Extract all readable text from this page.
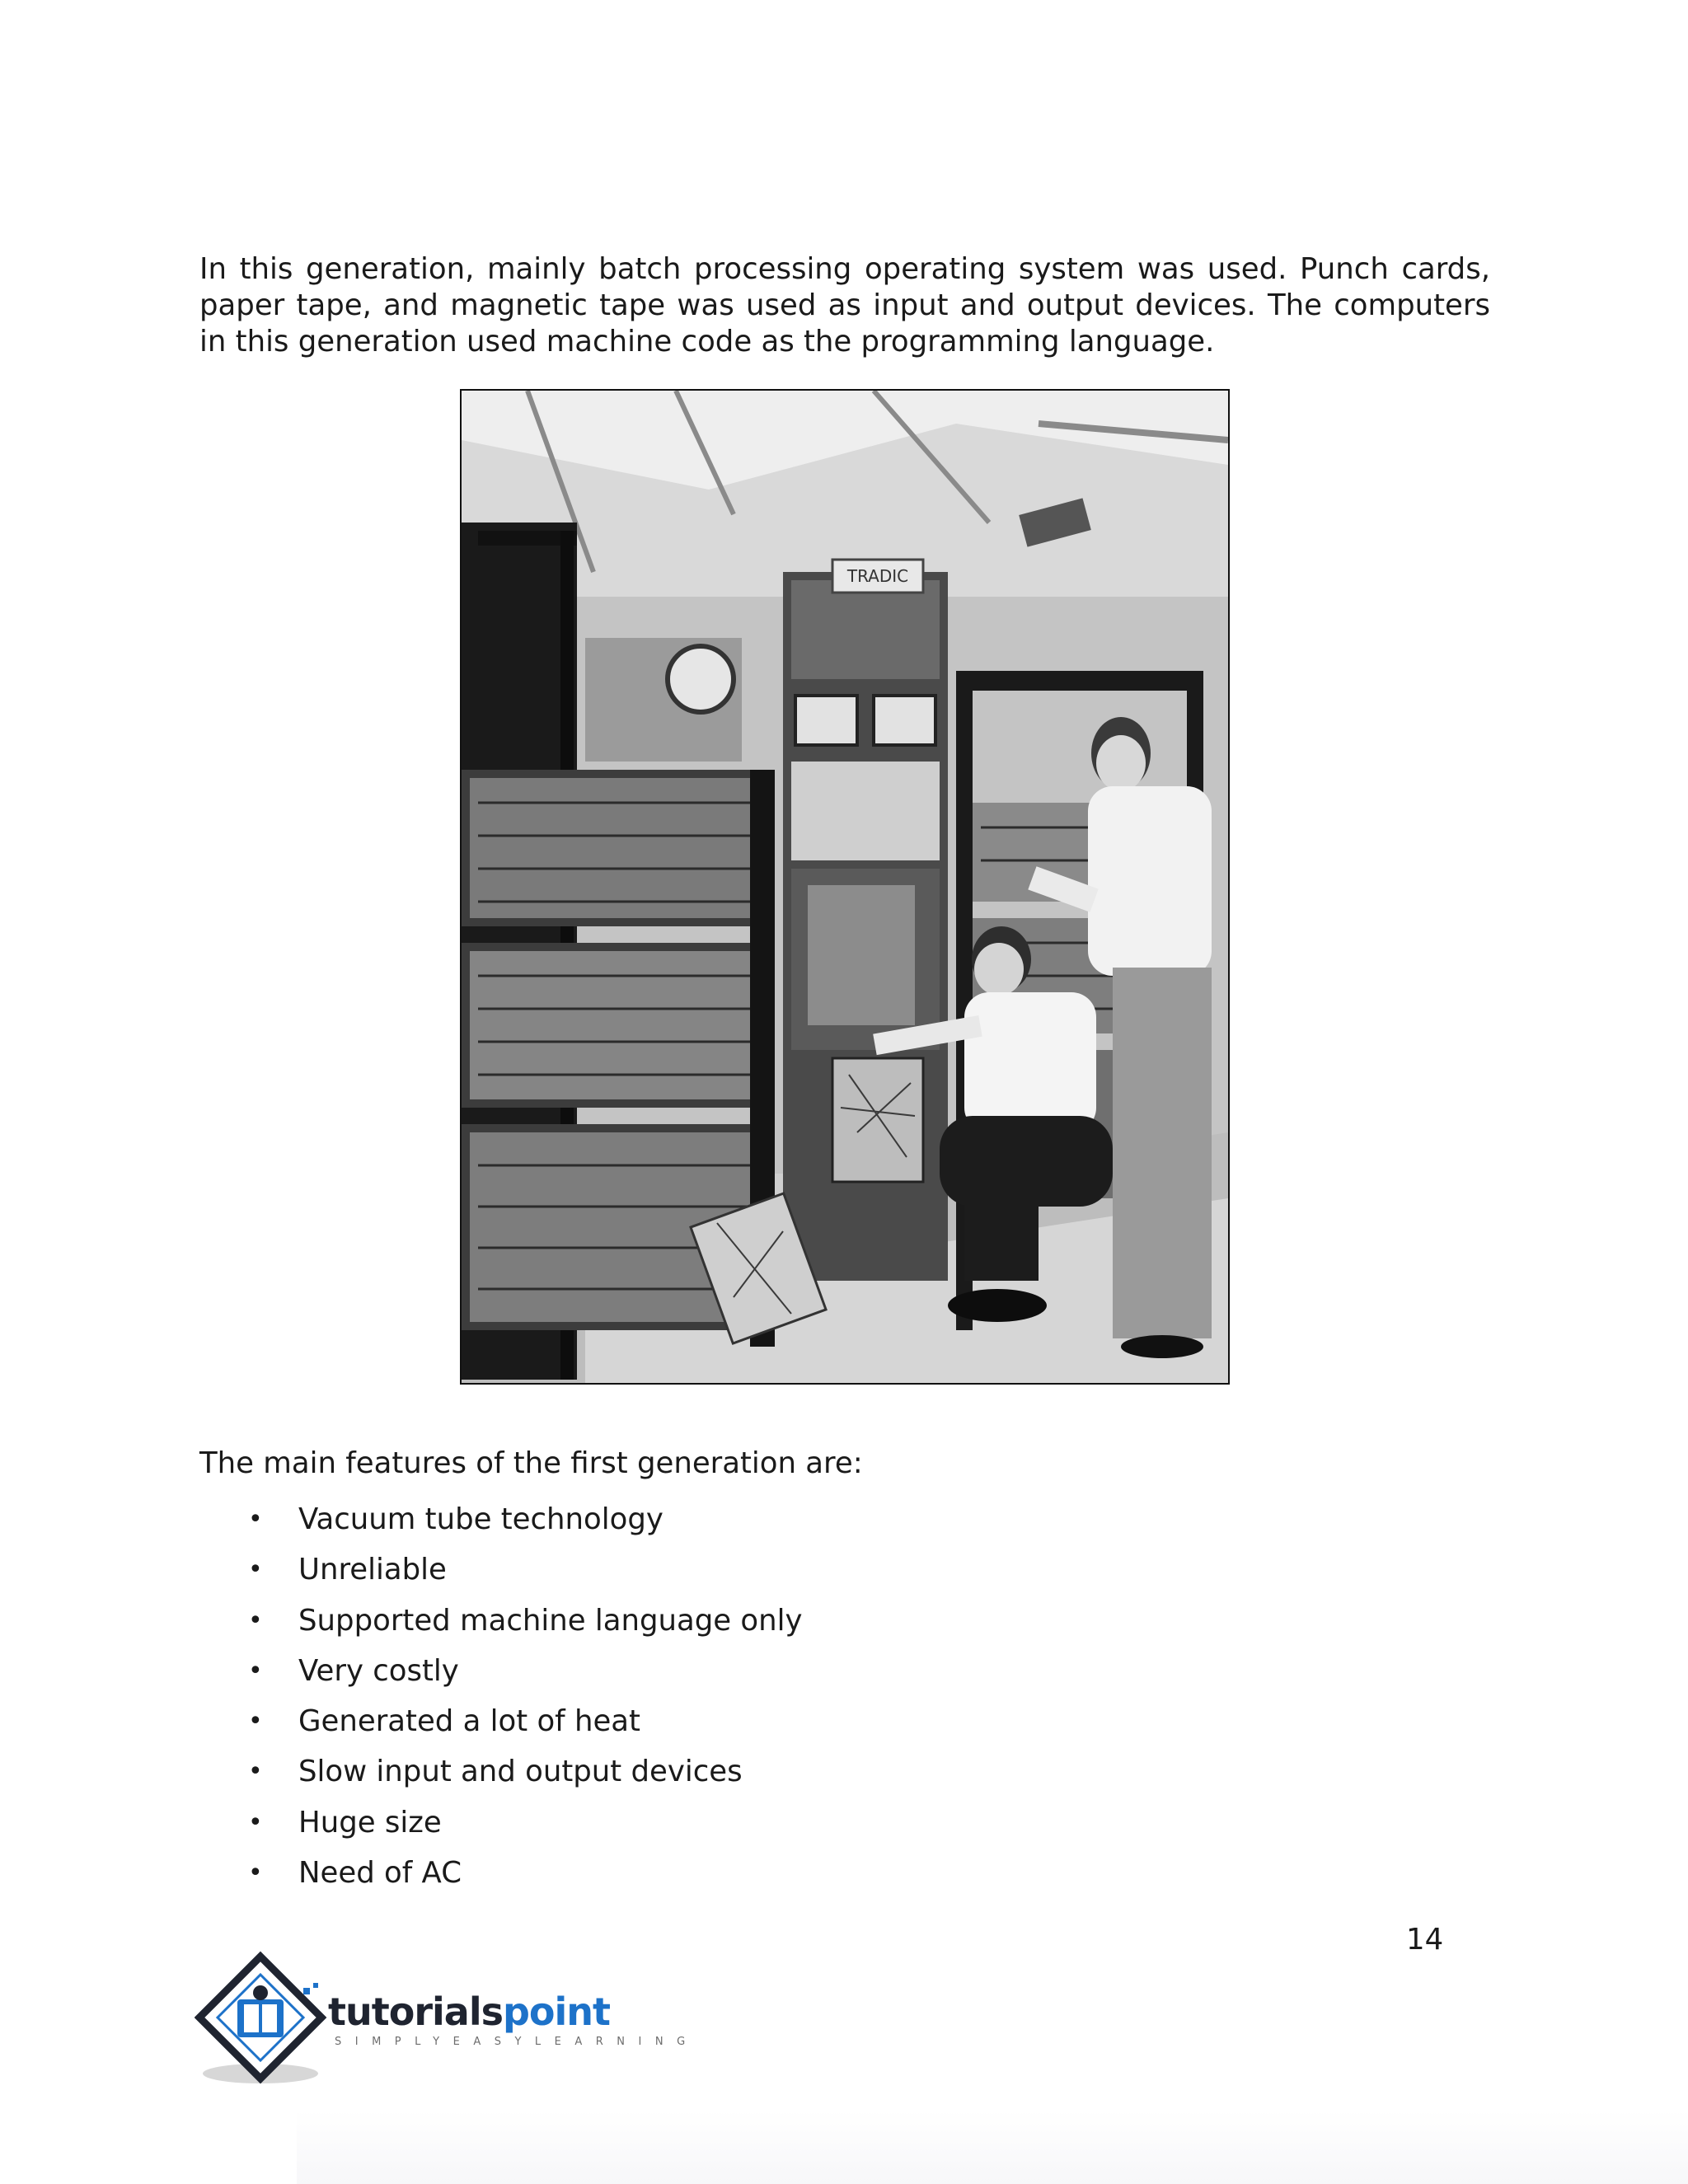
In this generation, mainly batch processing operating system was used. Punch cards, paper tape, and magnetic tape was used as input and output devices. The computers in this generation used machine code as the programming language.

TRADIC

The main features of the first generation are:

• Vacuum tube technology
• Unreliable
• Supported machine language only
• Very costly
• Generated a lot of heat
• Slow input and output devices
• Huge size
• Need of AC
14
tutorialspoint
SIMPLYEASYLEARNING
